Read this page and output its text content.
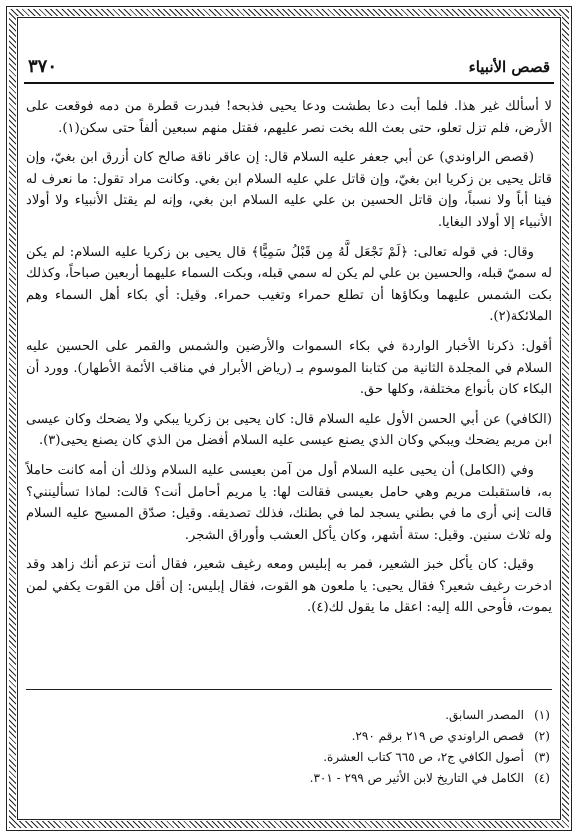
قصص الأنبياء
٣٧٠

لا أسألك غير هذا. فلما أبت دعا بطشت ودعا يحيى فذبحه! فبدرت قطرة من دمه فوقعت على الأرض، فلم تزل تعلو، حتى بعث الله بخت نصر عليهم، فقتل منهم سبعين ألفاً حتى سكن(١).

(قصص الراوندي) عن أبي جعفر عليه السلام قال: إن عاقر ناقة صالح كان أزرق ابن بغيّ، وإن قاتل يحيى بن زكريا ابن بغيّ، وإن قاتل علي عليه السلام ابن بغي. وكانت مراد تقول: ما نعرف له فينا أباً ولا نسباً، وإن قاتل الحسين بن علي عليه السلام ابن بغي، وإنه لم يقتل الأنبياء ولا أولاد الأنبياء إلا أولاد البغايا.

وقال: في قوله تعالى: ﴿لَمْ نَجْعَل لَّهُ مِن قَبْلُ سَمِيًّا﴾ قال يحيى بن زكريا عليه السلام: لم يكن له سميّ قبله، والحسين بن علي لم يكن له سمي قبله، وبكت السماء عليهما أربعين صباحاً، وكذلك بكت الشمس عليهما وبكاؤها أن تطلع حمراء وتغيب حمراء. وقيل: أي بكاء أهل السماء وهم الملائكة(٢).

أقول: ذكرنا الأخبار الواردة في بكاء السموات والأرضين والشمس والقمر على الحسين عليه السلام في المجلدة الثانية من كتابنا الموسوم بـ (رياض الأبرار في مناقب الأئمة الأطهار). وورد أن البكاء كان بأنواع مختلفة، وكلها حق.

(الكافي) عن أبي الحسن الأول عليه السلام قال: كان يحيى بن زكريا يبكي ولا يضحك وكان عيسى ابن مريم يضحك ويبكي وكان الذي يصنع عيسى عليه السلام أفضل من الذي كان يصنع يحيى(٣).

وفي (الكامل) أن يحيى عليه السلام أول من آمن بعيسى عليه السلام وذلك أن أمه كانت حاملاً به، فاستقبلت مريم وهي حامل بعيسى فقالت لها: يا مريم أحامل أنت؟ قالت: لماذا تسألينني؟ قالت إني أرى ما في بطني يسجد لما في بطنك، فذلك تصديقه. وقيل: صدّق المسيح عليه السلام وله ثلاث سنين. وقيل: ستة أشهر، وكان يأكل العشب وأوراق الشجر.

وقيل: كان يأكل خبز الشعير، فمر به إبليس ومعه رغيف شعير، فقال أنت تزعم أنك زاهد وقد ادخرت رغيف شعير؟ فقال يحيى: يا ملعون هو القوت، فقال إبليس: إن أقل من القوت يكفي لمن يموت، فأوحى الله إليه: اعقل ما يقول لك(٤).

(١)
المصدر السابق.
(٢)
قصص الراوندي ص ٢١٩ برقم ٢٩٠.
(٣)
أصول الكافي ج٢، ص ٦٦٥ كتاب العشرة.
(٤)
الكامل في التاريخ لابن الأثير ص ٢٩٩ - ٣٠١.
